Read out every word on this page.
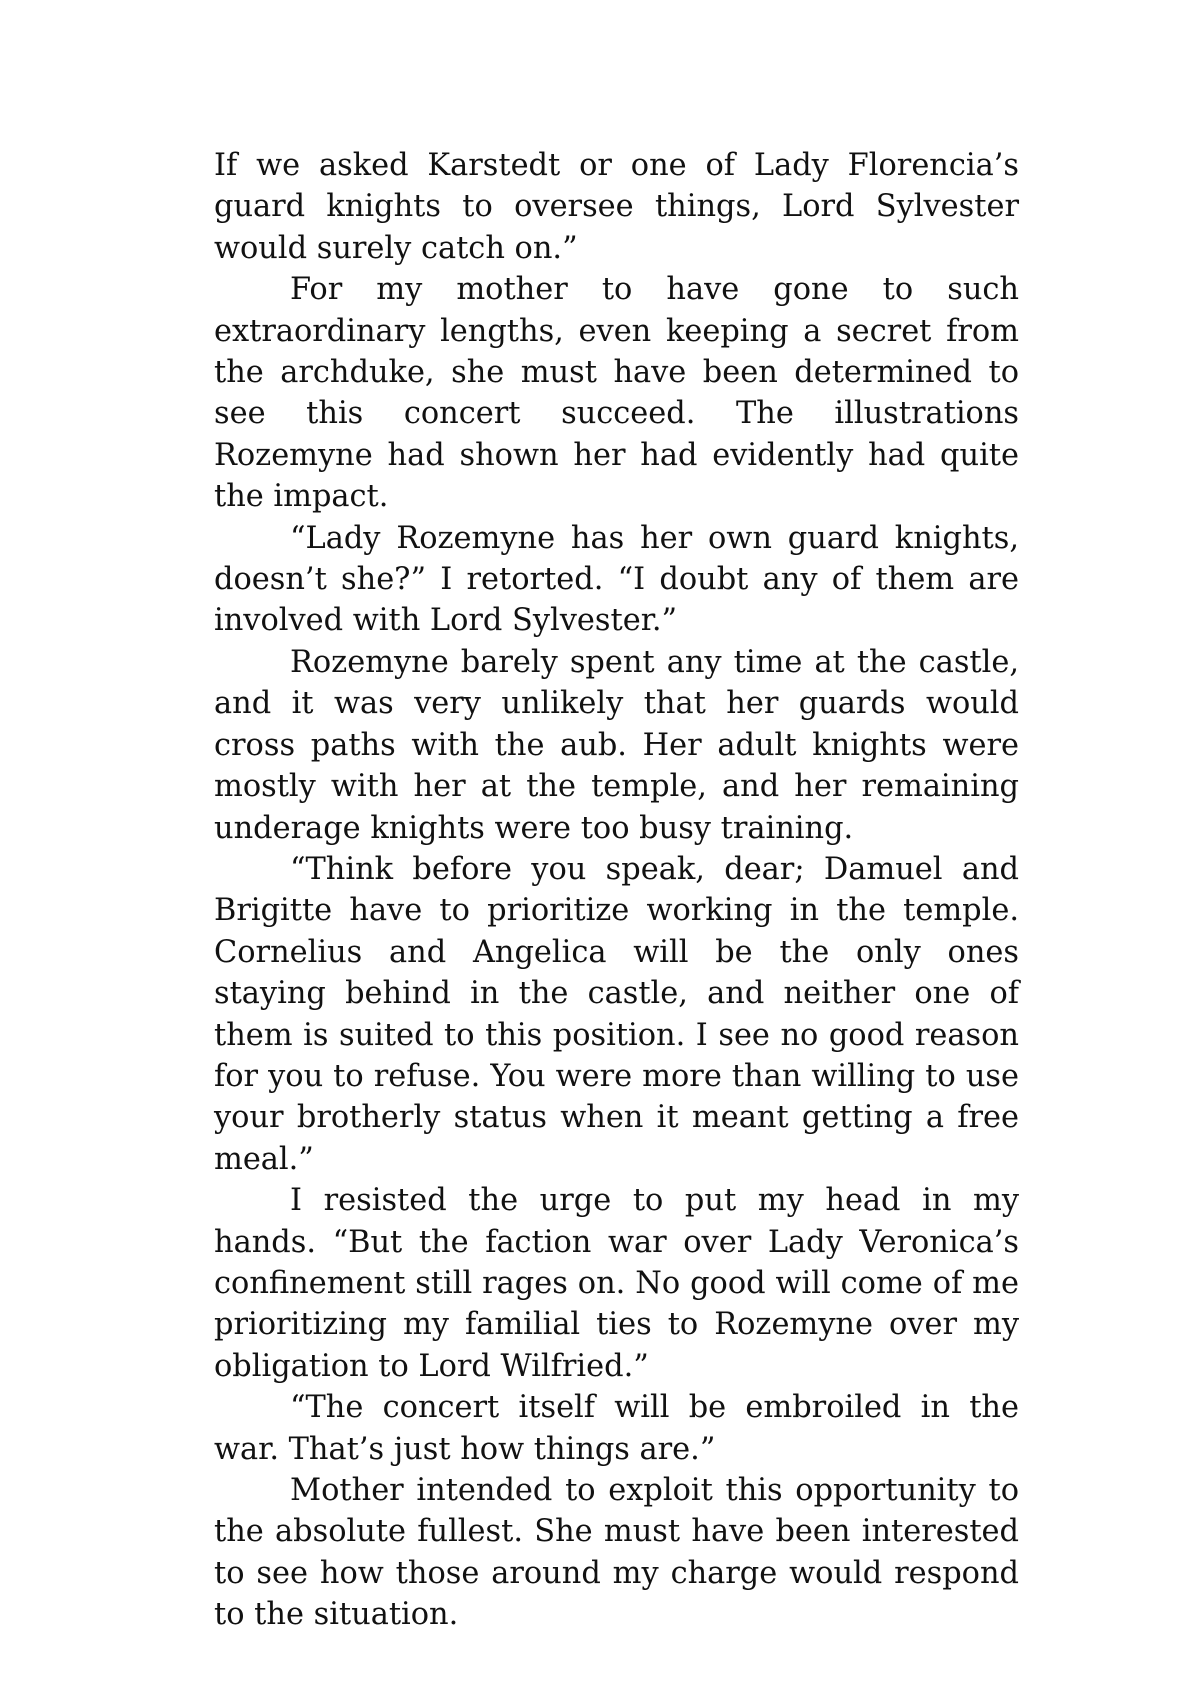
If we asked Karstedt or one of Lady Florencia’s guard knights to oversee things, Lord Sylvester would surely catch on.”

For my mother to have gone to such extraordinary lengths, even keeping a secret from the archduke, she must have been determined to see this concert succeed. The illustrations Rozemyne had shown her had evidently had quite the impact.

“Lady Rozemyne has her own guard knights, doesn’t she?” I retorted. “I doubt any of them are involved with Lord Sylvester.”

Rozemyne barely spent any time at the castle, and it was very unlikely that her guards would cross paths with the aub. Her adult knights were mostly with her at the temple, and her remaining underage knights were too busy training.

“Think before you speak, dear; Damuel and Brigitte have to prioritize working in the temple. Cornelius and Angelica will be the only ones staying behind in the castle, and neither one of them is suited to this position. I see no good reason for you to refuse. You were more than willing to use your brotherly status when it meant getting a free meal.”

I resisted the urge to put my head in my hands. “But the faction war over Lady Veronica’s confinement still rages on. No good will come of me prioritizing my familial ties to Rozemyne over my obligation to Lord Wilfried.”

“The concert itself will be embroiled in the war. That’s just how things are.”

Mother intended to exploit this opportunity to the absolute fullest. She must have been interested to see how those around my charge would respond to the situation.
